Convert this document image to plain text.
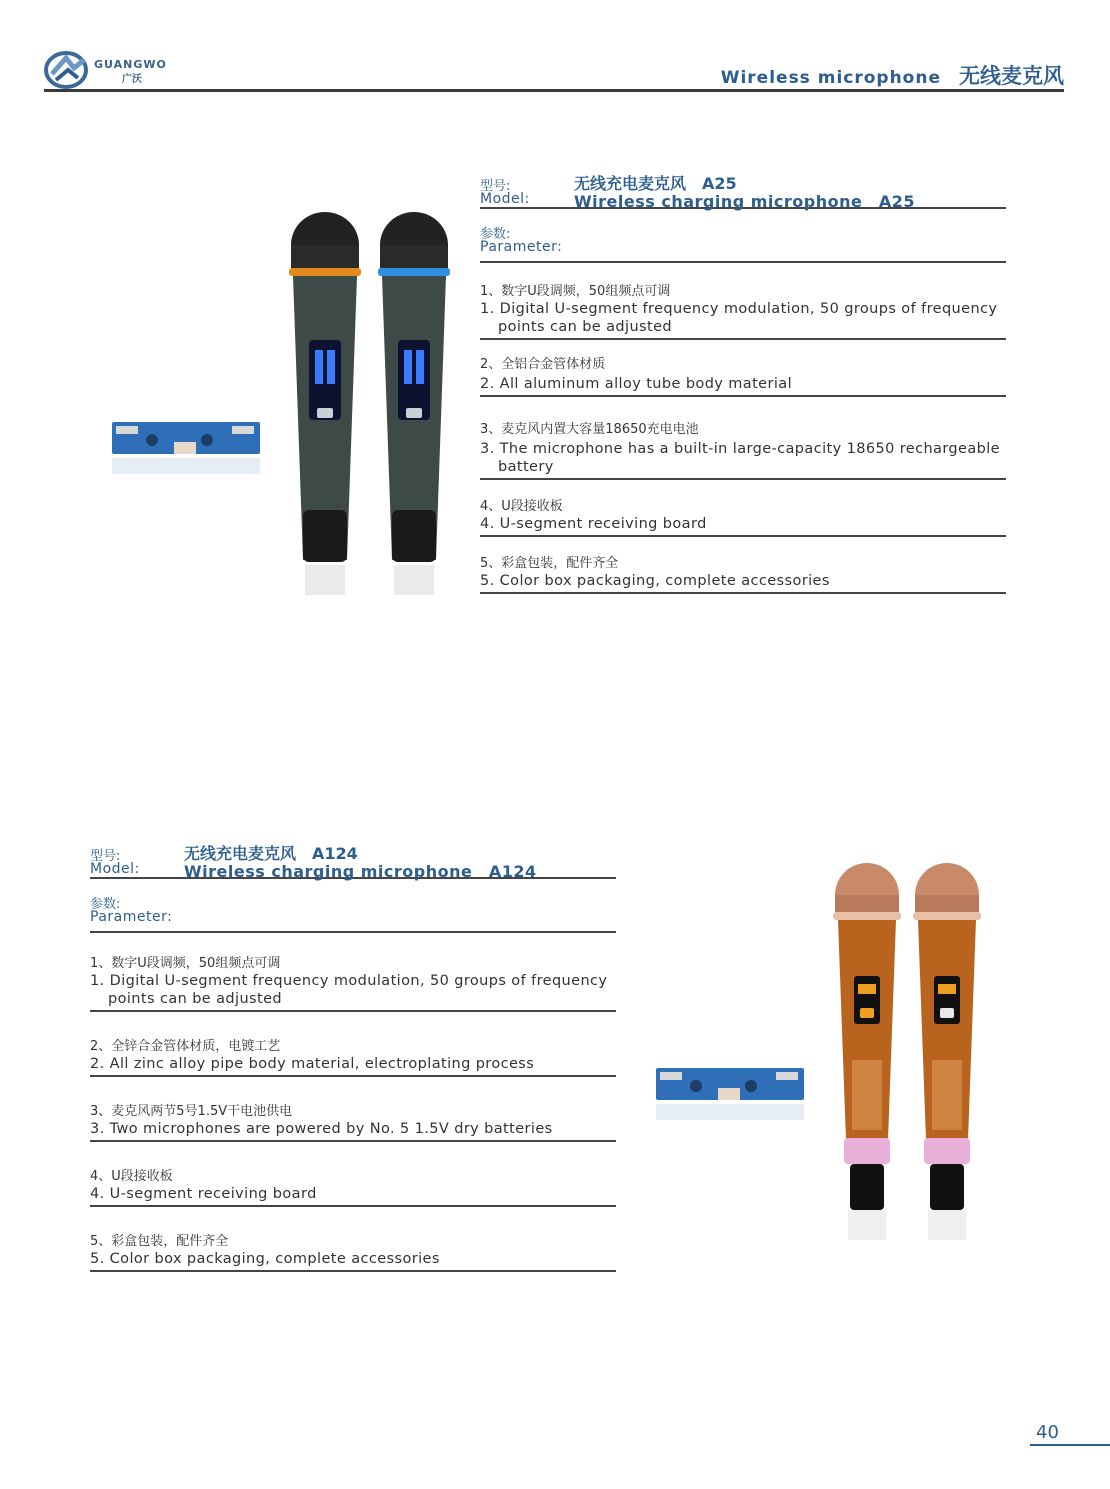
GUANGWO
广沃	Wireless microphone 无线麦克风
型号:
Model:
无线充电麦克风　A25
Wireless charging microphone　A25
参数:
Parameter:
1、数字U段调频，50组频点可调
1. Digital U-segment frequency modulation, 50 groups of frequency points can be adjusted
2、全铝合金管体材质
2. All aluminum alloy tube body material
3、麦克风内置大容量18650充电电池
3. The microphone has a built-in large-capacity 18650 rechargeable battery
4、U段接收板
4. U-segment receiving board
5、彩盒包装，配件齐全
5. Color box packaging, complete accessories
型号:
Model:
无线充电麦克风　A124
Wireless charging microphone　A124
参数:
Parameter:
1、数字U段调频，50组频点可调
1. Digital U-segment frequency modulation, 50 groups of frequency points can be adjusted
2、全锌合金管体材质，电镀工艺
2. All zinc alloy pipe body material, electroplating process
3、麦克风两节5号1.5V干电池供电
3. Two microphones are powered by No. 5 1.5V dry batteries
4、U段接收板
4. U-segment receiving board
5、彩盒包装，配件齐全
5. Color box packaging, complete accessories
40
